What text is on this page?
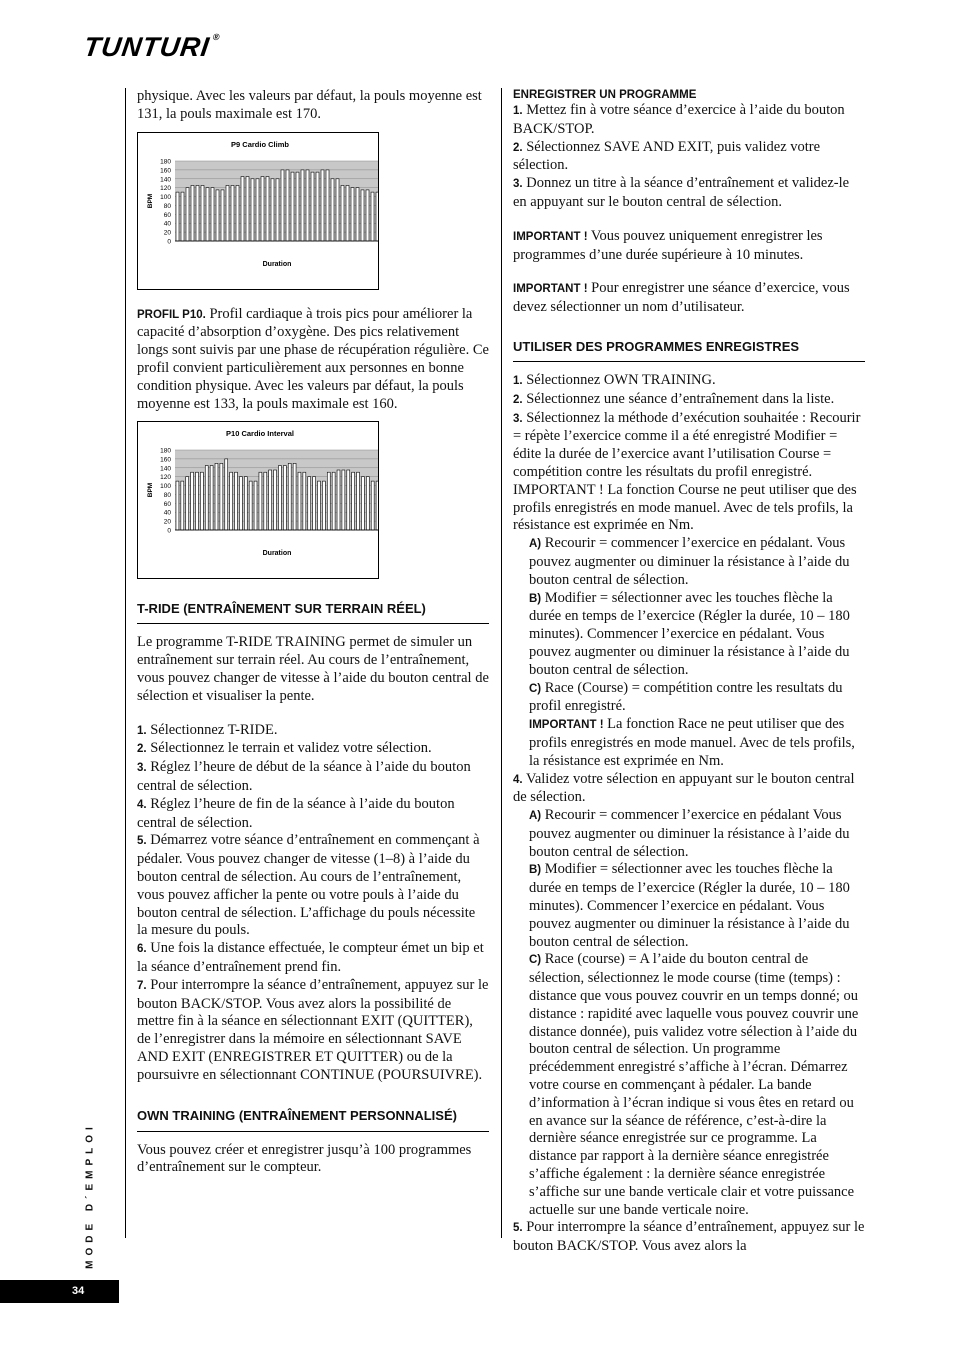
TUNTURI®

physique. Avec les valeurs par défaut, la pouls moyenne est 131, la pouls maximale est 170.

P9 Cardio Climb
0
20
40
60
80
100
120
140
160
180
Duration
BPM

PROFIL P10. Profil cardiaque à trois pics pour améliorer la capacité d’absorption d’oxygène. Des pics relativement longs sont suivis par une phase de récupération régulière. Ce profil convient particulièrement aux personnes en bonne condition physique. Avec les valeurs par défaut, la pouls moyenne est 133, la pouls maximale est 160.

P10 Cardio Interval
0
20
40
60
80
100
120
140
160
180
Duration
BPM
T-RIDE (ENTRAÎNEMENT SUR TERRAIN RÉEL)

Le programme T-RIDE TRAINING permet de simuler un entraînement sur terrain réel. Au cours de l’entraînement, vous pouvez changer de vitesse à l’aide du bouton central de sélection et visualiser la pente.

1. Sélectionnez T-RIDE.

2. Sélectionnez le terrain et validez votre sélection.

3. Réglez l’heure de début de la séance à l’aide du bouton central de sélection.

4. Réglez l’heure de fin de la séance à l’aide du bouton central de sélection.

5. Démarrez votre séance d’entraînement en commençant à pédaler. Vous pouvez changer de vitesse (1–8) à l’aide du bouton central de sélection. Au cours de l’entraînement, vous pouvez afficher la pente ou votre pouls à l’aide du bouton central de sélection. L’affichage du pouls nécessite la mesure du pouls.

6. Une fois la distance effectuée, le compteur émet un bip et la séance d’entraînement prend fin.

7. Pour interrompre la séance d’entraînement, appuyez sur le bouton BACK/STOP. Vous avez alors la possibilité de mettre fin à la séance en sélectionnant EXIT (QUITTER), de l’enregistrer dans la mémoire en sélectionnant SAVE AND EXIT (ENREGISTRER ET QUITTER) ou de la poursuivre en sélectionnant CONTINUE (POURSUIVRE).

OWN TRAINING (ENTRAÎNEMENT PERSONNALISÉ)

Vous pouvez créer et enregistrer jusqu’à 100 programmes d’entraînement sur le compteur.

ENREGISTRER UN PROGRAMME

1. Mettez fin à votre séance d’exercice à l’aide du bouton BACK/STOP.

2. Sélectionnez SAVE AND EXIT, puis validez votre sélection.

3. Donnez un titre à la séance d’entraînement et validez-le en appuyant sur le bouton central de sélection.

IMPORTANT ! Vous pouvez uniquement enregistrer les programmes d’une durée supérieure à 10 minutes.

IMPORTANT ! Pour enregistrer une séance d’exercice, vous devez sélectionner un nom d’utilisateur.

UTILISER DES PROGRAMMES ENREGISTRES

1. Sélectionnez OWN TRAINING.

2. Sélectionnez une séance d’entraînement dans la liste.

3. Sélectionnez la méthode d’exécution souhaitée : Recourir = répète l’exercice comme il a été enregistré Modifier = édite la durée de l’exercice avant l’utilisation Course = compétition contre les résultats du profil enregistré. IMPORTANT ! La fonction Course ne peut utiliser que des profils enregistrés en mode manuel. Avec de tels profils, la résistance est exprimée en Nm.

A) Recourir = commencer l’exercice en pédalant. Vous pouvez augmenter ou diminuer la résistance à l’aide du bouton central de sélection.

B) Modifier = sélectionner avec les touches flèche la durée en temps de l’exercice (Régler la durée, 10 – 180 minutes). Commencer l’exercice en pédalant. Vous pouvez augmenter ou diminuer la résistance à l’aide du bouton central de sélection.

C) Race (Course) = compétition contre les resultats du profil enregistré.

IMPORTANT ! La fonction Race ne peut utiliser que des profils enregistrés en mode manuel. Avec de tels profils, la résistance est exprimée en Nm.

4. Validez votre sélection en appuyant sur le bouton central de sélection.

A) Recourir = commencer l’exercice en pédalant Vous pouvez augmenter ou diminuer la résistance à l’aide du bouton central de sélection.

B) Modifier = sélectionner avec les touches flèche la durée en temps de l’exercice (Régler la durée, 10 – 180 minutes). Commencer l’exercice en pédalant. Vous pouvez augmenter ou diminuer la résistance à l’aide du bouton central de sélection.

C) Race (course) = A l’aide du bouton central de sélection, sélectionnez le mode course (time (temps) : distance que vous pouvez couvrir en un temps donné; ou distance : rapidité avec laquelle vous pouvez couvrir une distance donnée), puis validez votre sélection à l’aide du bouton central de sélection. Un programme précédemment enregistré s’affiche à l’écran. Démarrez votre course en commençant à pédaler. La bande d’information à l’écran indique si vous êtes en retard ou en avance sur la séance de référence, c’est-à-dire la dernière séance enregistrée sur ce programme. La distance par rapport à la dernière séance enregistrée s’affiche également : la dernière séance enregistrée s’affiche sur une bande verticale clair et votre puissance actuelle sur une bande verticale noire.

5. Pour interrompre la séance d’entraînement, appuyez sur le bouton BACK/STOP. Vous avez alors la

MODE D´EMPLOI
34
